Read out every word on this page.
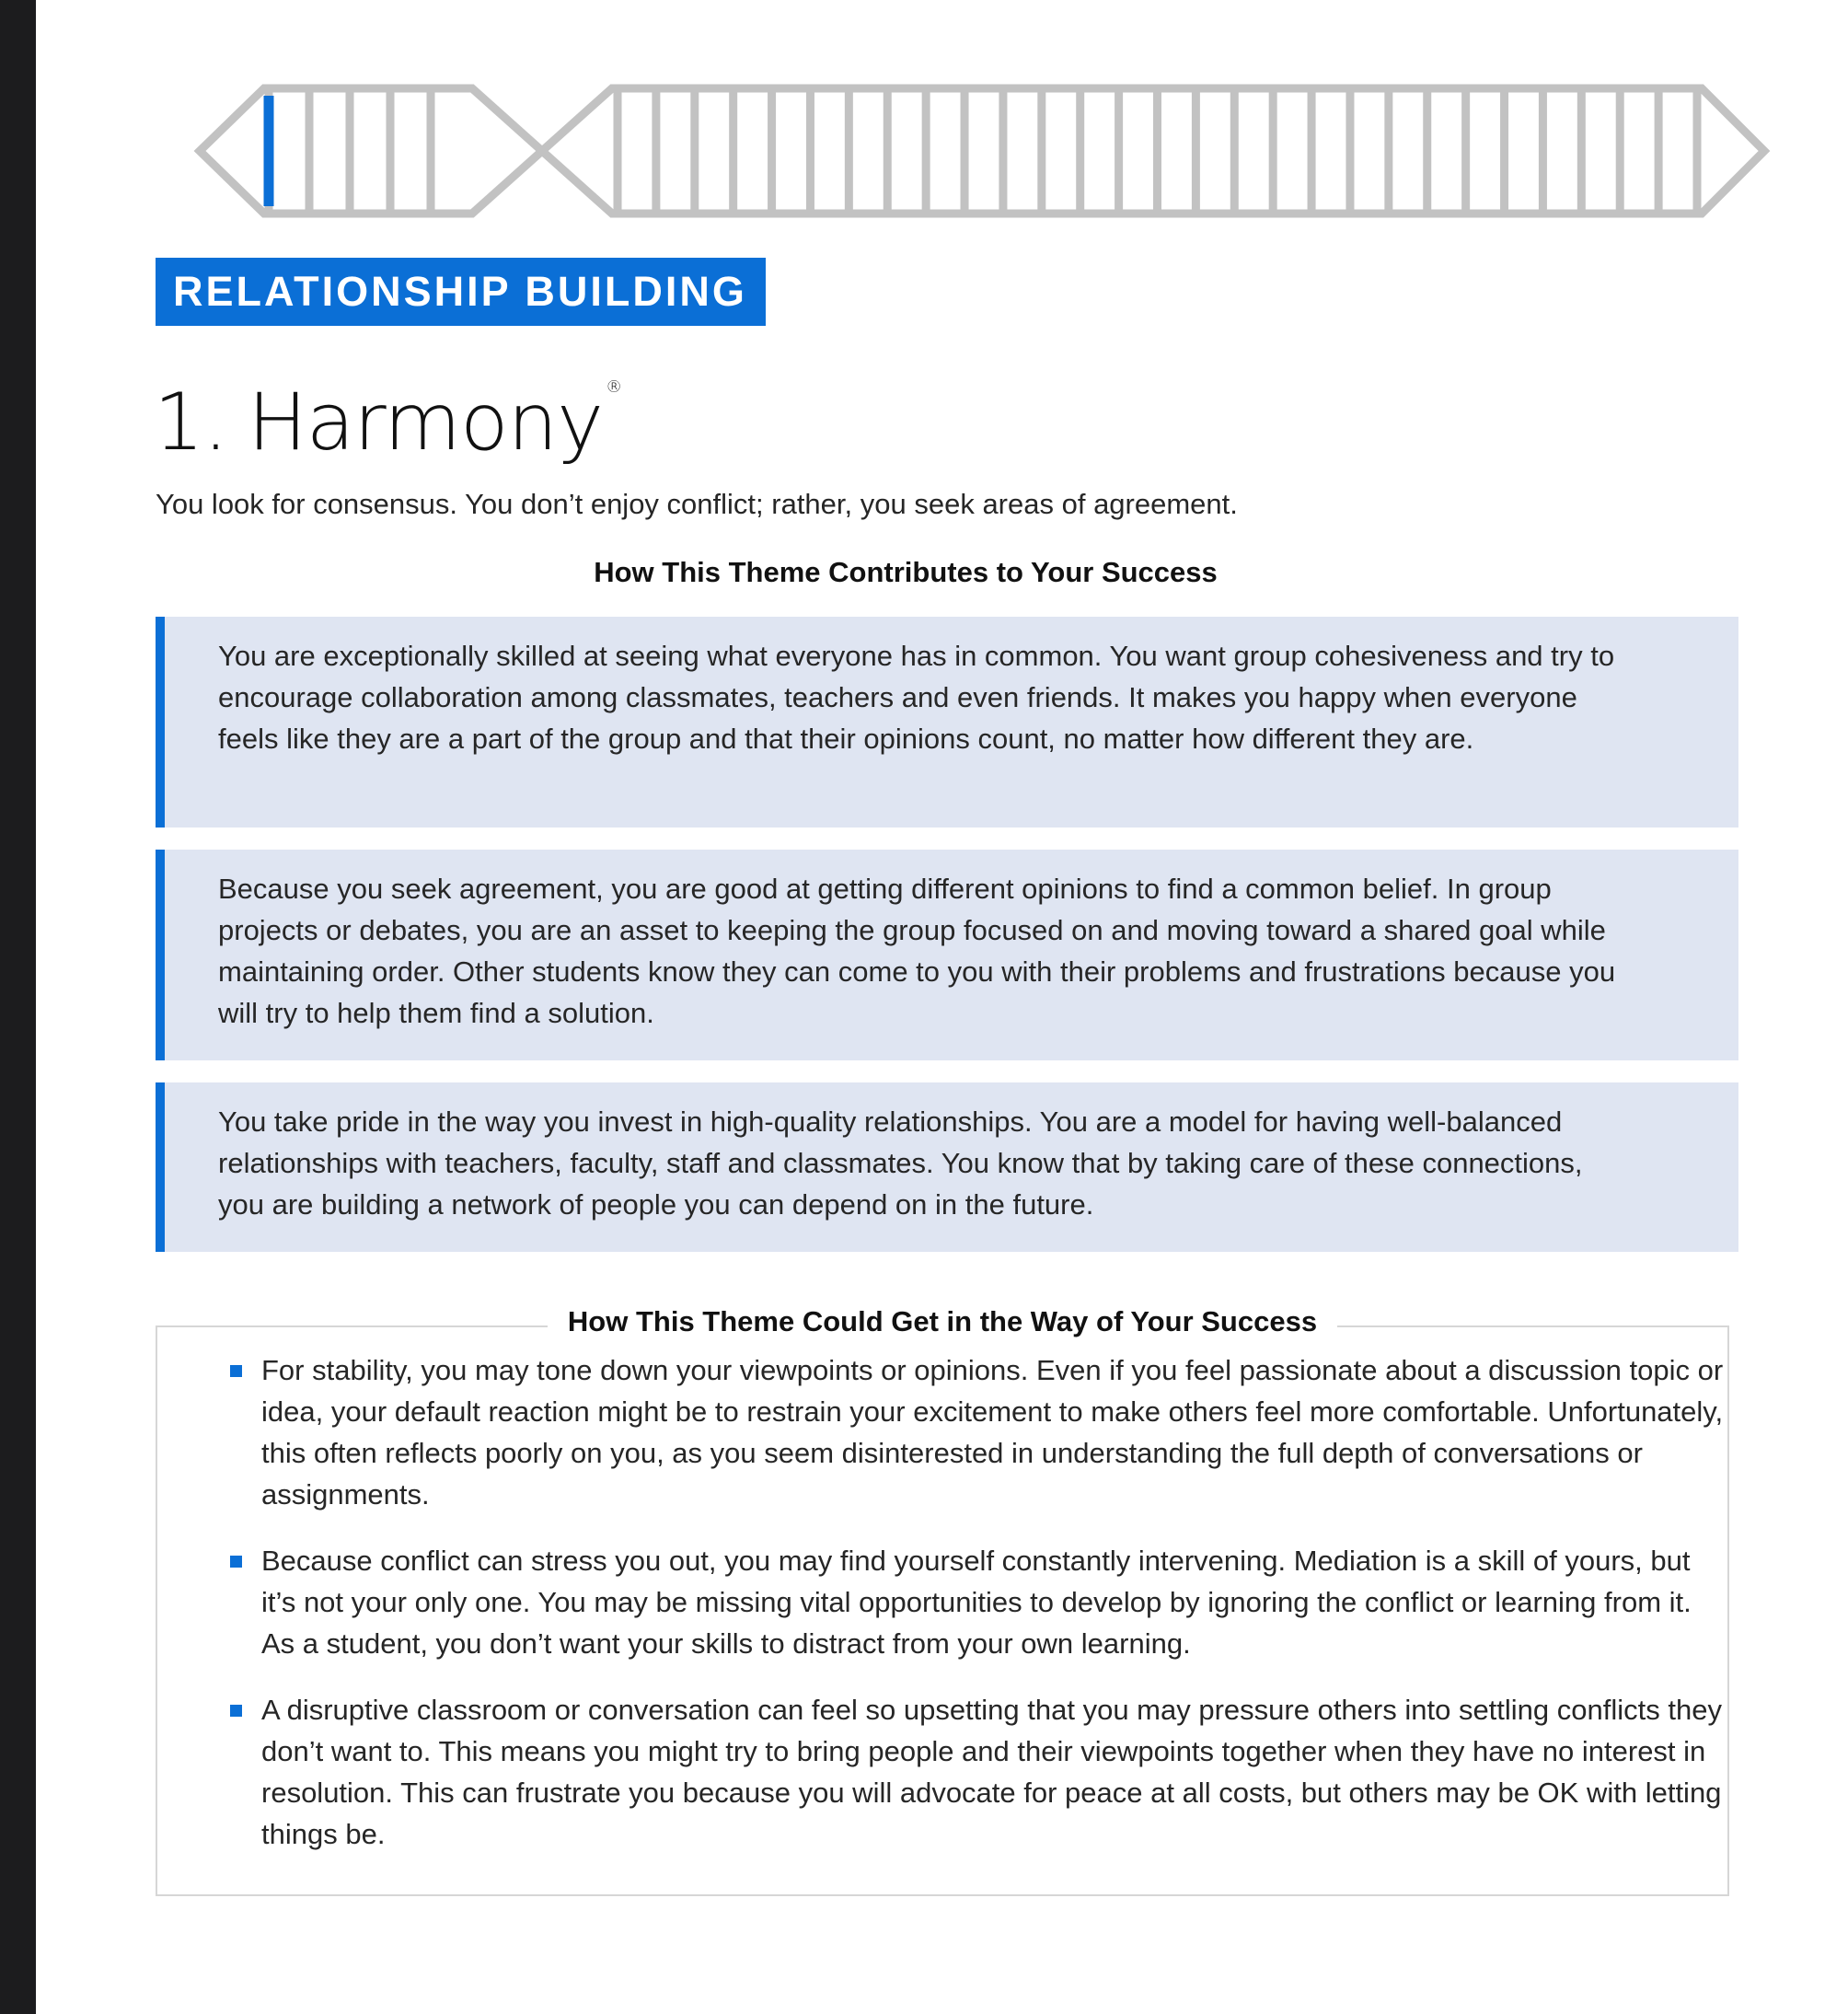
RELATIONSHIP BUILDING
1. Harmony ®
You look for consensus. You don’t enjoy conflict; rather, you seek areas of agreement.
How This Theme Contributes to Your Success
You are exceptionally skilled at seeing what everyone has in common. You want group cohesiveness and try to encourage collaboration among classmates, teachers and even friends. It makes you happy when everyone feels like they are a part of the group and that their opinions count, no matter how different they are.
Because you seek agreement, you are good at getting different opinions to find a common belief. In group projects or debates, you are an asset to keeping the group focused on and moving toward a shared goal while maintaining order. Other students know they can come to you with their problems and frustrations because you will try to help them find a solution.
You take pride in the way you invest in high-quality relationships. You are a model for having well-balanced relationships with teachers, faculty, staff and classmates. You know that by taking care of these connections, you are building a network of people you can depend on in the future.
How This Theme Could Get in the Way of Your Success
For stability, you may tone down your viewpoints or opinions. Even if you feel passionate about a discussion topic or idea, your default reaction might be to restrain your excitement to make others feel more comfortable. Unfortunately, this often reflects poorly on you, as you seem disinterested in understanding the full depth of conversations or assignments.
Because conflict can stress you out, you may find yourself constantly intervening. Mediation is a skill of yours, but it’s not your only one. You may be missing vital opportunities to develop by ignoring the conflict or learning from it. As a student, you don’t want your skills to distract from your own learning.
A disruptive classroom or conversation can feel so upsetting that you may pressure others into settling conflicts they don’t want to. This means you might try to bring people and their viewpoints together when they have no interest in resolution. This can frustrate you because you will advocate for peace at all costs, but others may be OK with letting things be.
